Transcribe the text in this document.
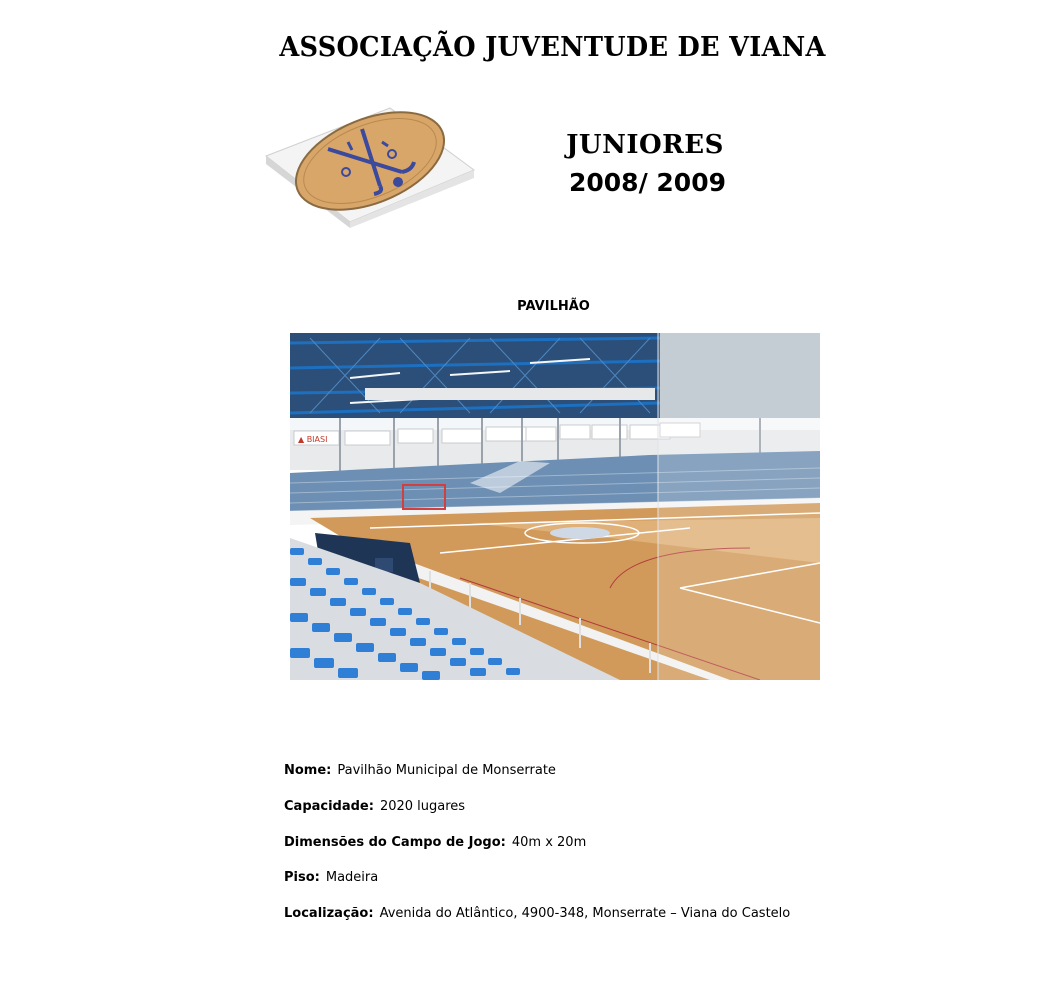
ASSOCIAÇÃO JUVENTUDE DE VIANA
JUNIORES
2008/ 2009
PAVILHÃO
▲ BIASI
Nome: Pavilhão Municipal de Monserrate
Capacidade: 2020 lugares
Dimensões do Campo de Jogo: 40m x 20m
Piso: Madeira
Localização: Avenida do Atlântico, 4900-348, Monserrate – Viana do Castelo
